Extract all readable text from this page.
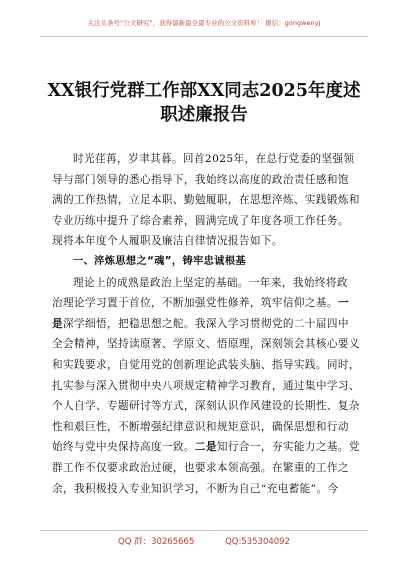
关注头条号“公文研究”，获得最新最全最专业的公文资料库！ 微信：gongwenyj
XX银行党群工作部XX同志2025年度述
职述廉报告
时光荏苒，岁聿其暮。回首2025年，在总行党委的坚强领
导与部门领导的悉心指导下，我始终以高度的政治责任感和饱
满的工作热情，立足本职、勤勉履职，在思想淬炼、实践锻炼和
专业历练中提升了综合素养，圆满完成了年度各项工作任务。
现将本年度个人履职及廉洁自律情况报告如下。
一、淬炼思想之“魂”，铸牢忠诚根基
理论上的成熟是政治上坚定的基础。一年来，我始终将政
治理论学习置于首位，不断加强党性修养，筑牢信仰之基。一
是深学细悟，把稳思想之舵。我深入学习贯彻党的二十届四中
全会精神，坚持读原著、学原文、悟原理，深刻领会其核心要义
和实践要求，自觉用党的创新理论武装头脑、指导实践。同时，
扎实参与深入贯彻中央八项规定精神学习教育，通过集中学习、
个人自学、专题研讨等方式，深刻认识作风建设的长期性、复杂
性和艰巨性，不断增强纪律意识和规矩意识，确保思想和行动
始终与党中央保持高度一致。二是知行合一，夯实能力之基。党
群工作不仅要求政治过硬，也要求本领高强。在繁重的工作之
余，我积极投入专业知识学习，不断为自己“充电蓄能”。今
QQ 群：30265665	QQ:535304092
